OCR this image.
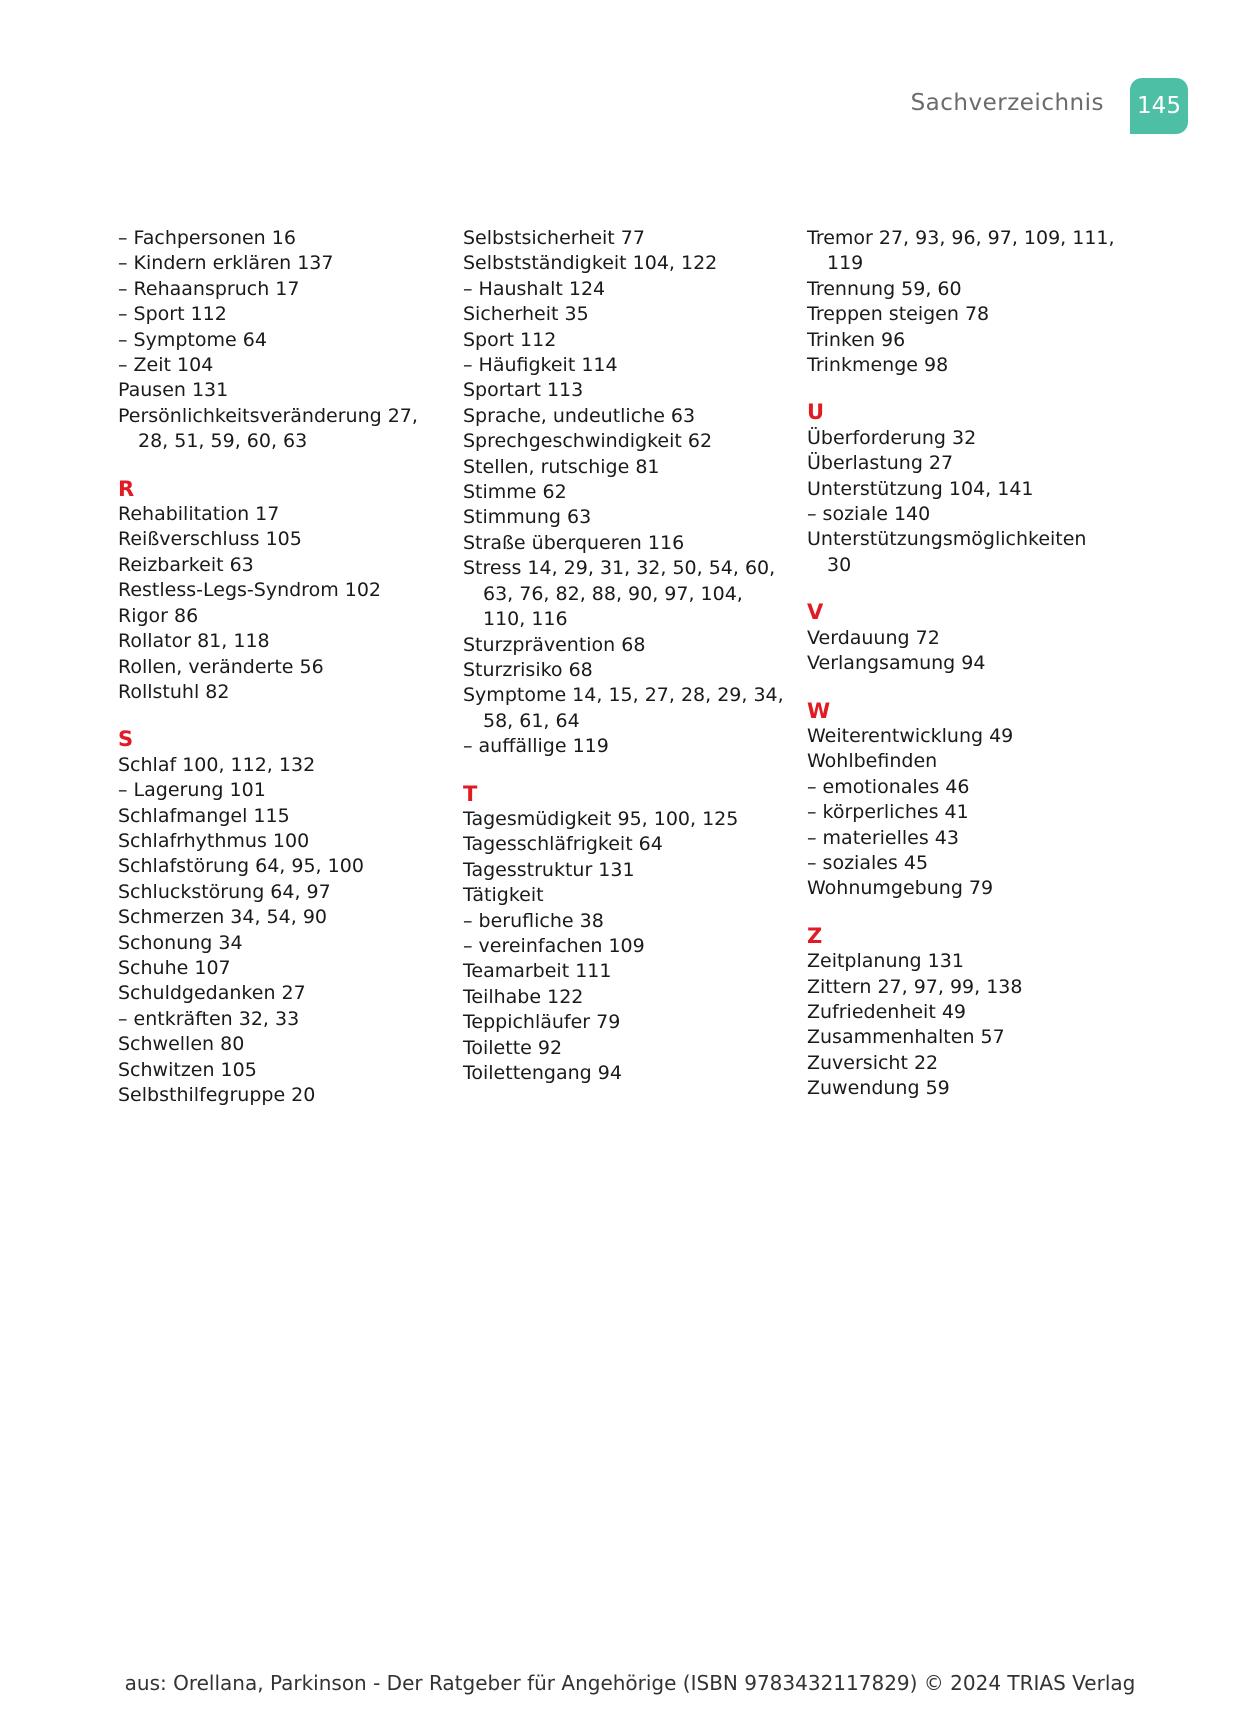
Sachverzeichnis	145
– Fachpersonen 16
– Kindern erklären 137
– Rehaanspruch 17
– Sport 112
– Symptome 64
– Zeit 104
Pausen 131
Persönlichkeitsveränderung 27,
28, 51, 59, 60, 63
R
Rehabilitation 17
Reißverschluss 105
Reizbarkeit 63
Restless-Legs-Syndrom 102
Rigor 86
Rollator 81, 118
Rollen, veränderte 56
Rollstuhl 82
S
Schlaf 100, 112, 132
– Lagerung 101
Schlafmangel 115
Schlafrhythmus 100
Schlafstörung 64, 95, 100
Schluckstörung 64, 97
Schmerzen 34, 54, 90
Schonung 34
Schuhe 107
Schuldgedanken 27
– entkräften 32, 33
Schwellen 80
Schwitzen 105
Selbsthilfegruppe 20
Selbstsicherheit 77
Selbstständigkeit 104, 122
– Haushalt 124
Sicherheit 35
Sport 112
– Häufigkeit 114
Sportart 113
Sprache, undeutliche 63
Sprechgeschwindigkeit 62
Stellen, rutschige 81
Stimme 62
Stimmung 63
Straße überqueren 116
Stress 14, 29, 31, 32, 50, 54, 60,
63, 76, 82, 88, 90, 97, 104,
110, 116
Sturzprävention 68
Sturzrisiko 68
Symptome 14, 15, 27, 28, 29, 34,
58, 61, 64
– auffällige 119
T
Tagesmüdigkeit 95, 100, 125
Tagesschläfrigkeit 64
Tagesstruktur 131
Tätigkeit
– berufliche 38
– vereinfachen 109
Teamarbeit 111
Teilhabe 122
Teppichläufer 79
Toilette 92
Toilettengang 94
Tremor 27, 93, 96, 97, 109, 111,
119
Trennung 59, 60
Treppen steigen 78
Trinken 96
Trinkmenge 98
U
Überforderung 32
Überlastung 27
Unterstützung 104, 141
– soziale 140
Unterstützungsmöglichkeiten
30
V
Verdauung 72
Verlangsamung 94
W
Weiterentwicklung 49
Wohlbefinden
– emotionales 46
– körperliches 41
– materielles 43
– soziales 45
Wohnumgebung 79
Z
Zeitplanung 131
Zittern 27, 97, 99, 138
Zufriedenheit 49
Zusammenhalten 57
Zuversicht 22
Zuwendung 59
aus: Orellana, Parkinson - Der Ratgeber für Angehörige (ISBN 9783432117829) © 2024 TRIAS Verlag
